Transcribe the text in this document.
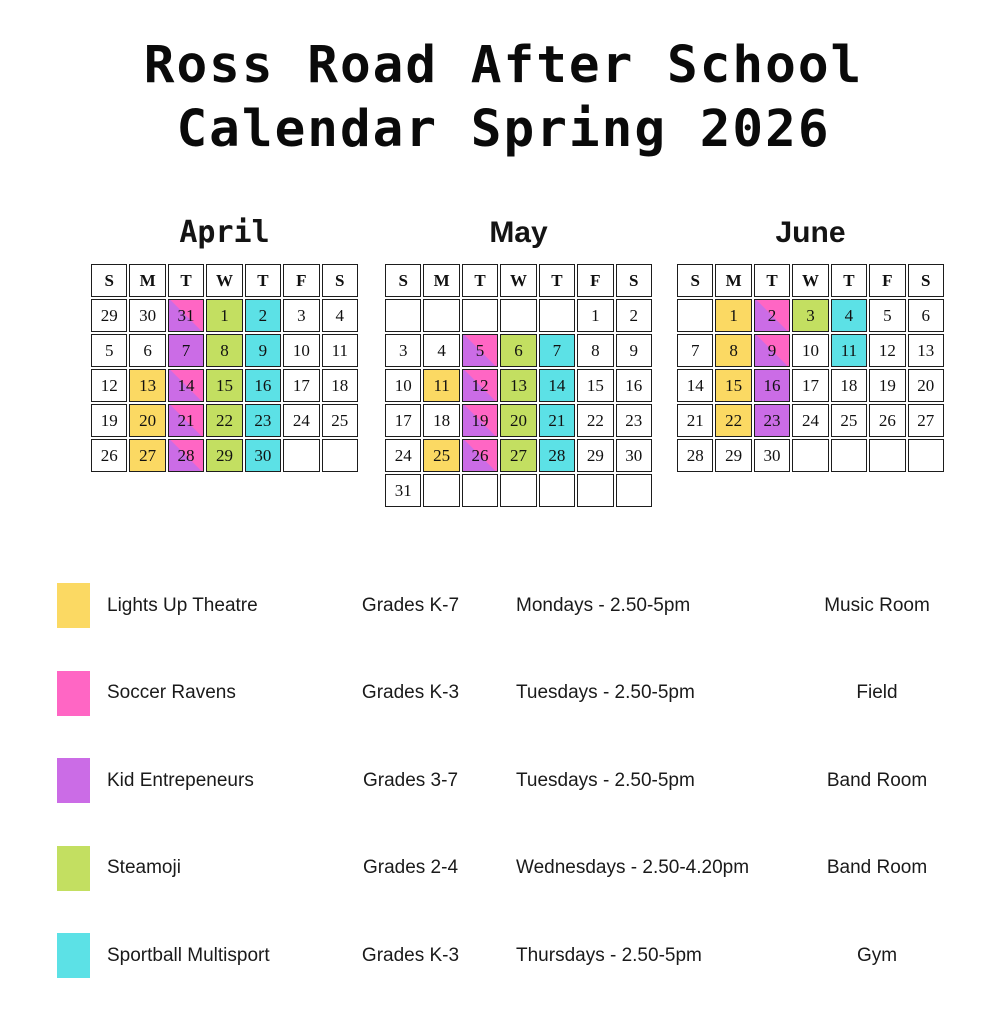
Ross Road After School
Calendar Spring 2026
April
S	M	T	W	T	F	S
29	30	31	1	2	3	4
5	6	7	8	9	10	11
12	13	14	15	16	17	18
19	20	21	22	23	24	25
26	27	28	29	30		
May
S	M	T	W	T	F	S
					1	2
3	4	5	6	7	8	9
10	11	12	13	14	15	16
17	18	19	20	21	22	23
24	25	26	27	28	29	30
31						
June
S	M	T	W	T	F	S
	1	2	3	4	5	6
7	8	9	10	11	12	13
14	15	16	17	18	19	20
21	22	23	24	25	26	27
28	29	30				
Lights Up Theatre	Grades K-7	Mondays - 2.50-5pm	Music Room
Soccer Ravens	Grades K-3	Tuesdays - 2.50-5pm	Field
Kid Entrepeneurs	Grades 3-7	Tuesdays - 2.50-5pm	Band Room
Steamoji	Grades 2-4	Wednesdays - 2.50-4.20pm	Band Room
Sportball Multisport	Grades K-3	Thursdays - 2.50-5pm	Gym
